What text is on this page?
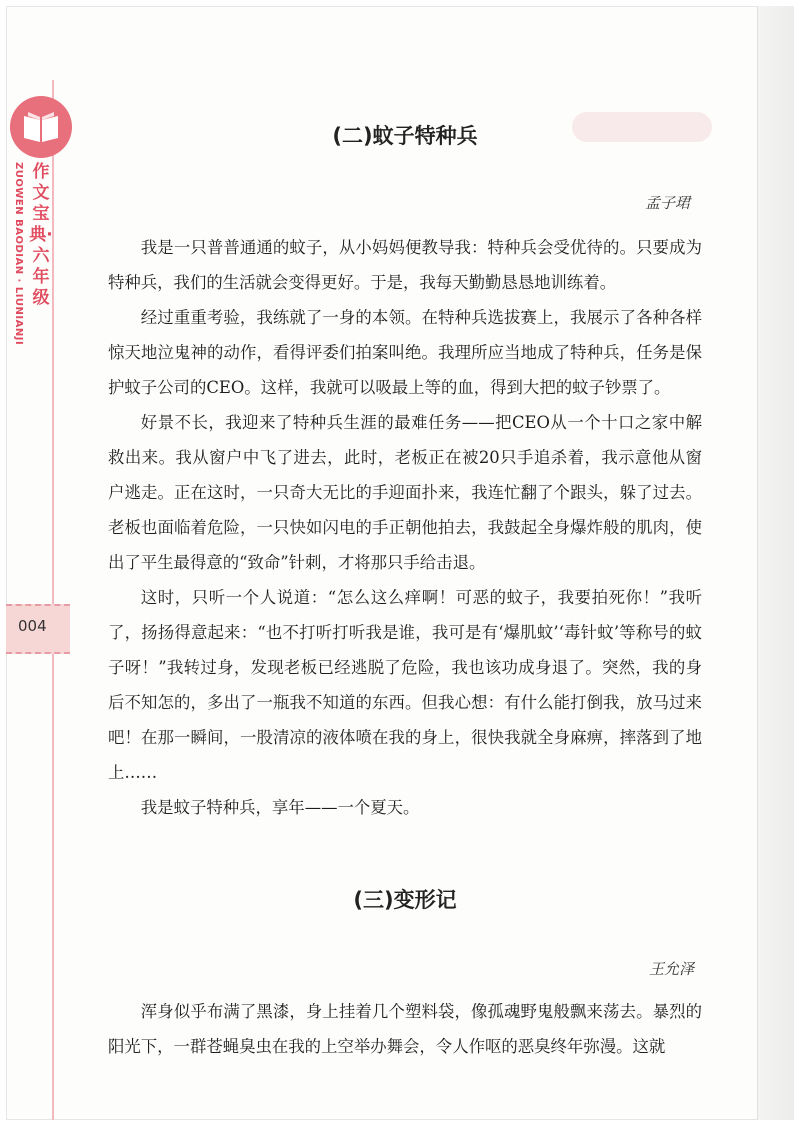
ZUOWEN BAODIAN · LIUNIANJI 作文宝典·六年级
004
(二)蚊子特种兵
孟子珺

我是一只普普通通的蚊子，从小妈妈便教导我：特种兵会受优待的。只要成为特种兵，我们的生活就会变得更好。于是，我每天勤勤恳恳地训练着。

经过重重考验，我练就了一身的本领。在特种兵选拔赛上，我展示了各种各样惊天地泣鬼神的动作，看得评委们拍案叫绝。我理所应当地成了特种兵，任务是保护蚊子公司的CEO。这样，我就可以吸最上等的血，得到大把的蚊子钞票了。

好景不长，我迎来了特种兵生涯的最难任务——把CEO从一个十口之家中解救出来。我从窗户中飞了进去，此时，老板正在被20只手追杀着，我示意他从窗户逃走。正在这时，一只奇大无比的手迎面扑来，我连忙翻了个跟头，躲了过去。老板也面临着危险，一只快如闪电的手正朝他拍去，我鼓起全身爆炸般的肌肉，使出了平生最得意的“致命”针刺，才将那只手给击退。

这时，只听一个人说道：“怎么这么痒啊！可恶的蚊子，我要拍死你！”我听了，扬扬得意起来：“也不打听打听我是谁，我可是有‘爆肌蚊’‘毒针蚊’等称号的蚊子呀！”我转过身，发现老板已经逃脱了危险，我也该功成身退了。突然，我的身后不知怎的，多出了一瓶我不知道的东西。但我心想：有什么能打倒我，放马过来吧！在那一瞬间，一股清凉的液体喷在我的身上，很快我就全身麻痹，摔落到了地上……

我是蚊子特种兵，享年——一个夏天。

(三)变形记
王允泽

浑身似乎布满了黑漆，身上挂着几个塑料袋，像孤魂野鬼般飘来荡去。暴烈的阳光下，一群苍蝇臭虫在我的上空举办舞会，令人作呕的恶臭终年弥漫。这就
